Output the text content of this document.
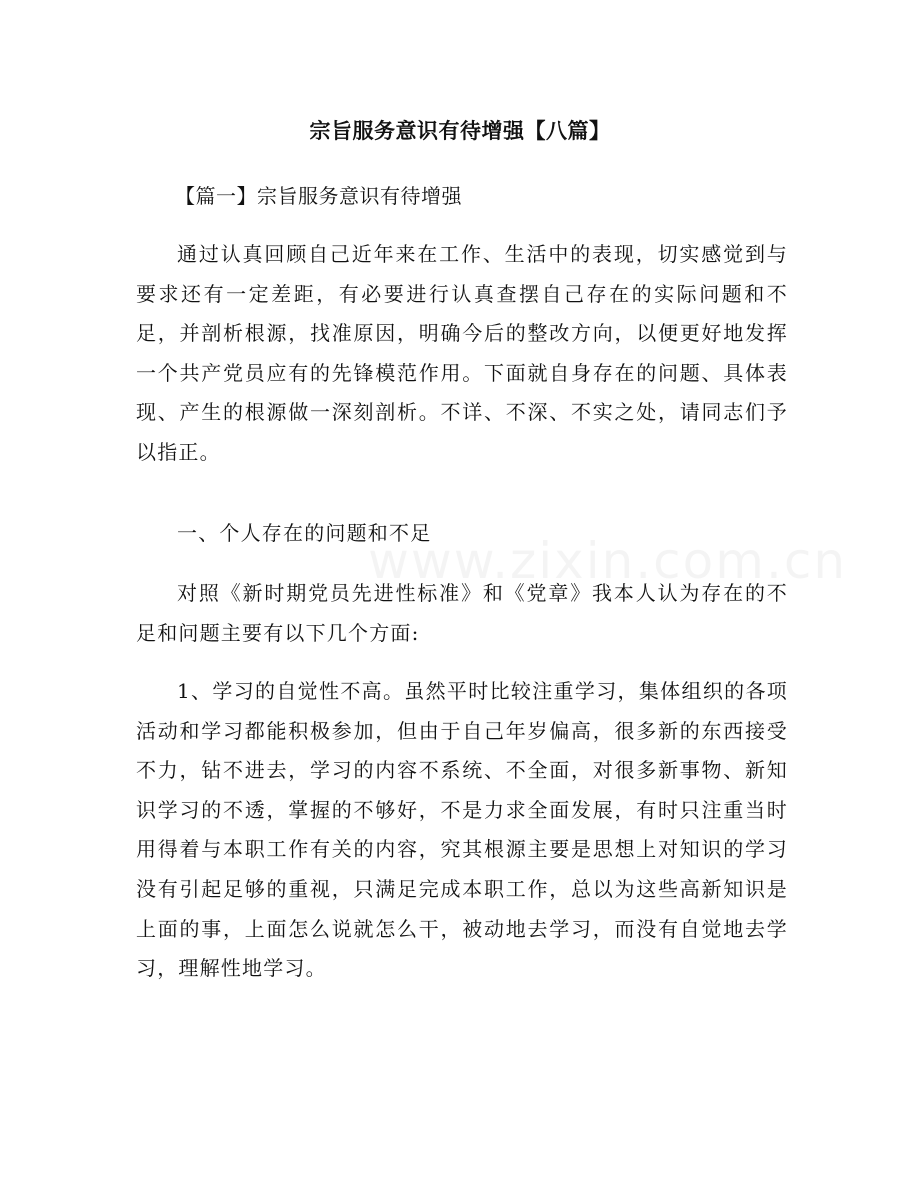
宗旨服务意识有待增强【八篇】

【篇一】宗旨服务意识有待增强

通过认真回顾自己近年来在工作、生活中的表现，切实感觉到与要求还有一定差距，有必要进行认真查摆自己存在的实际问题和不足，并剖析根源，找准原因，明确今后的整改方向，以便更好地发挥一个共产党员应有的先锋模范作用。下面就自身存在的问题、具体表现、产生的根源做一深刻剖析。不详、不深、不实之处，请同志们予以指正。

一、个人存在的问题和不足

对照《新时期党员先进性标准》和《党章》我本人认为存在的不足和问题主要有以下几个方面:

1、学习的自觉性不高。虽然平时比较注重学习，集体组织的各项活动和学习都能积极参加，但由于自己年岁偏高，很多新的东西接受不力，钻不进去，学习的内容不系统、不全面，对很多新事物、新知识学习的不透，掌握的不够好，不是力求全面发展，有时只注重当时用得着与本职工作有关的内容，究其根源主要是思想上对知识的学习没有引起足够的重视，只满足完成本职工作，总以为这些高新知识是上面的事，上面怎么说就怎么干，被动地去学习，而没有自觉地去学习，理解性地学习。
